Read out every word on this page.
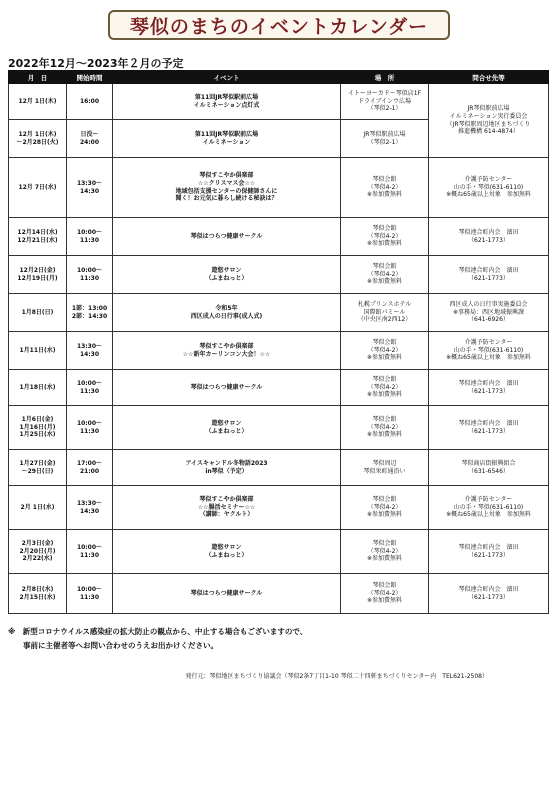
琴似のまちのイベントカレンダー
2022年12月～2023年２月の予定
月　日	開始時間	イベント	場　所	問合せ先等
12月 1日(木)	16:00	第11回JR琴似駅前広場
イルミネーション点灯式	イトーヨーカドー琴似店1F
ドライブインウ広場
（琴似2-1）	JR琴似駅前広場
イルミネーション実行委員会
（JR琴似駅周辺地区まちづくり
推進機構 614-4874）
12月 1日(木)
～2月28日(火)	日没～
24:00	第11回JR琴似駅前広場
イルミネーション	JR琴似駅前広場
（琴似2-1）	
12月 7日(水)	13:30～
14:30	琴似すこやか倶楽部
☆☆クリスマス会☆☆
地域包括支援センターの保健師さんに
聞く！お元気に暮らし続ける秘訣は？	琴似会館
（琴似4-2）
※参加費無料	介護予防センター
山の手・琴似(631-6110)
※概ね65歳以上対象　参加無料
12月14日(水)
12月21日(水)	10:00～
11:30	琴似はつらつ健康サークル	琴似会館
（琴似4-2）
※参加費無料	琴似連合町内会　濱田
（621-1773）
12月2日(金)
12月19日(月)	10:00～
11:30	遊悠サロン
（ふまねっと）	琴似会館
（琴似4-2）
※参加費無料	琴似連合町内会　濱田
（621-1773）
1月8日(日)	1部：13:00
2部：14:30	令和5年
西区成人の日行事(成人式)	札幌プリンスホテル
国際館パミール
（中央区南2西12）	西区成人の日行事実施委員会
※事務局：西区地域振興課
（641-6926）
1月11日(水)	13:30～
14:30	琴似すこやか倶楽部
☆☆新年カーリンコン大会！☆☆	琴似会館
（琴似4-2）
※参加費無料	介護予防センター
山の手・琴似(631-6110)
※概ね65歳以上対象　参加無料
1月18日(水)	10:00～
11:30	琴似はつらつ健康サークル	琴似会館
（琴似4-2）
※参加費無料	琴似連合町内会　濱田
（621-1773）
1月6日(金)
1月16日(月)
1月25日(水)	10:00～
11:30	遊悠サロン
（ふまねっと）	琴似会館
（琴似4-2）
※参加費無料	琴似連合町内会　濱田
（621-1773）
1月27日(金)
～29日(日)	17:00～
21:00	アイスキャンドル冬物語2023
in琴似（予定）	琴似周辺
琴似栄町通沿い	琴似商店街振興組合
（631-6546）
2月 1日(水)	13:30～
14:30	琴似すこやか倶楽部
☆☆腸活セミナー☆☆
（講師：ヤクルト）	琴似会館
（琴似4-2）
※参加費無料	介護予防センター
山の手・琴似(631-6110)
※概ね65歳以上対象　参加無料
2月3日(金)
2月20日(月)
2月22(水)	10:00～
11:30	遊悠サロン
（ふまねっと）	琴似会館
（琴似4-2）
※参加費無料	琴似連合町内会　濱田
（621-1773）
2月8日(水)
2月15日(水)	10:00～
11:30	琴似はつらつ健康サークル	琴似会館
（琴似4-2）
※参加費無料	琴似連合町内会　濱田
（621-1773）
※　新型コロナウイルス感染症の拡大防止の観点から、中止する場合もございますので、
　　事前に主催者等へお問い合わせのうえお出かけください。
発行元：琴似地区まちづくり協議会（琴似2条7丁目1-10 琴似二十四軒まちづくりセンター内　TEL621-2508）
